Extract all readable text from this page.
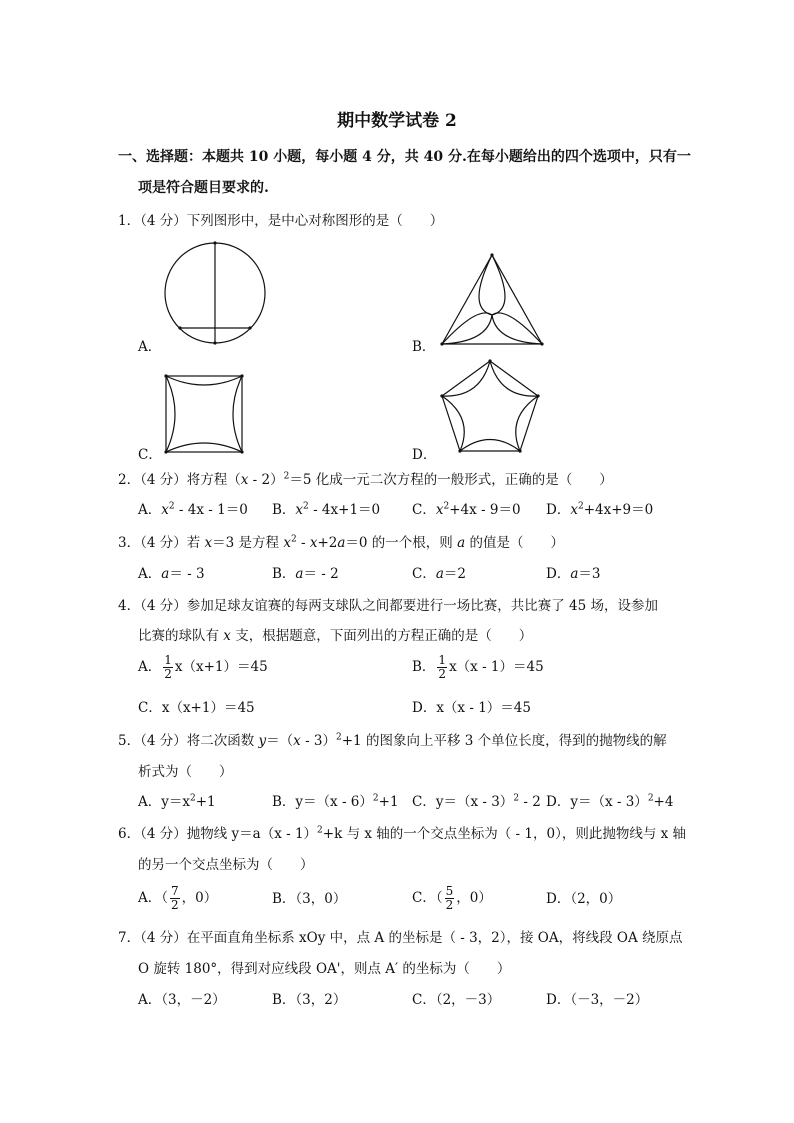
期中数学试卷 2
一、选择题：本题共 10 小题，每小题 4 分，共 40 分.在每小题给出的四个选项中，只有一
项是符合题目要求的.
1．（4 分）下列图形中，是中心对称图形的是（　　）
A．	B．
C．	D．
2．（4 分）将方程（x - 2）$^2$＝5 化成一元二次方程的一般形式，正确的是（　　）
A．$x^2 - 4x - 1=0$ B．$x^2 - 4x+1=0$ C．$x^2+4x - 9=0$ D．$x^2+4x+9=0$
3．（4 分）若 x＝3 是方程 $x^2 - x+2a=0$ 的一个根，则 a 的值是（　　）
A．a＝ - 3	B．a＝ - 2	C．a＝2	D．a＝3
4．（4 分）参加足球友谊赛的每两支球队之间都要进行一场比赛，共比赛了 45 场，设参加
比赛的球队有 x 支，根据题意，下面列出的方程正确的是（　　）
A． $\frac{1}{2} x(x+1)=45$	B． $\frac{1}{2} x(x - 1)=45$
C．x（x+1）＝45	D．x（x - 1）＝45
5．（4 分）将二次函数 y＝（x - 3）$^2$+1 的图象向上平移 3 个单位长度，得到的抛物线的解
析式为（　　）
A．$y=x^2+1$	B．y＝（x - 6）$^2$+1 C．y＝（x - 3）$^2$ - 2 D．y＝（x - 3）$^2$+4
6．（4 分）抛物线 y＝a（x - 1）$^2$+k 与 x 轴的一个交点坐标为（ - 1，0），则此抛物线与 x 轴
的另一个交点坐标为（　　）
A．（ $\frac{7}{2}$ ，0）	B．（3，0）	C．（ $\frac{5}{2}$ ，0）	D．（2，0）
7．（4 分）在平面直角坐标系 xOy 中，点 A 的坐标是（ - 3，2），接 OA，将线段 OA 绕原点
O 旋转 180°，得到对应线段 OA'，则点 A′ 的坐标为（　　）
A．（3，－2）	B．（3，2）	C．（2，－3）	D．（－3，－2）
